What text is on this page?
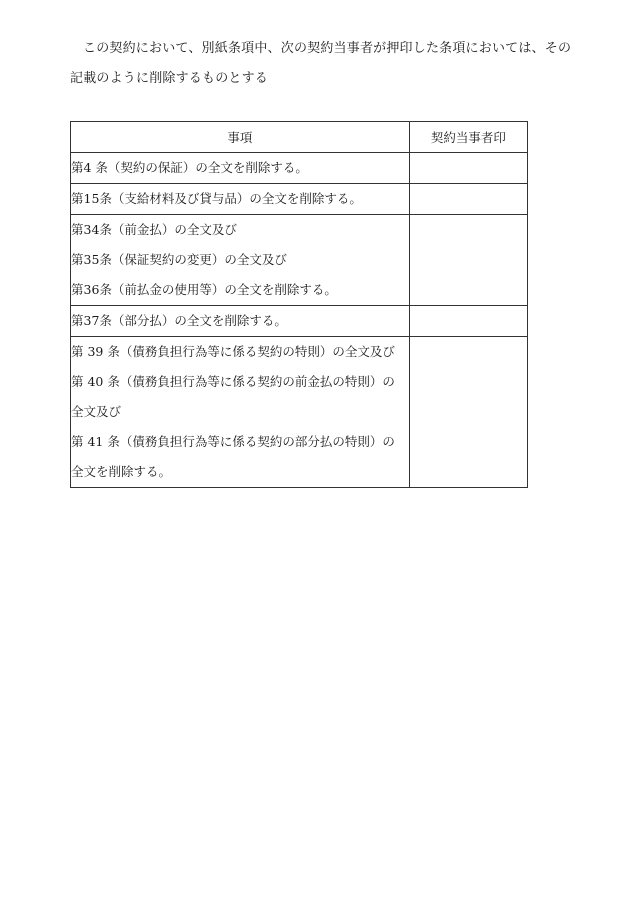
この契約において、別紙条項中、次の契約当事者が押印した条項においては、その
記載のように削除するものとする
事項	契約当事者印

第4 条（契約の保証）の全文を削除する。	

第15条（支給材料及び貸与品）の全文を削除する。	

第34条（前金払）の全文及び
第35条（保証契約の変更）の全文及び
第36条（前払金の使用等）の全文を削除する。	

第37条（部分払）の全文を削除する。	

第 39 条（債務負担行為等に係る契約の特則）の全文及び
第 40 条（債務負担行為等に係る契約の前金払の特則）の
全文及び
第 41 条（債務負担行為等に係る契約の部分払の特則）の
全文を削除する。	
